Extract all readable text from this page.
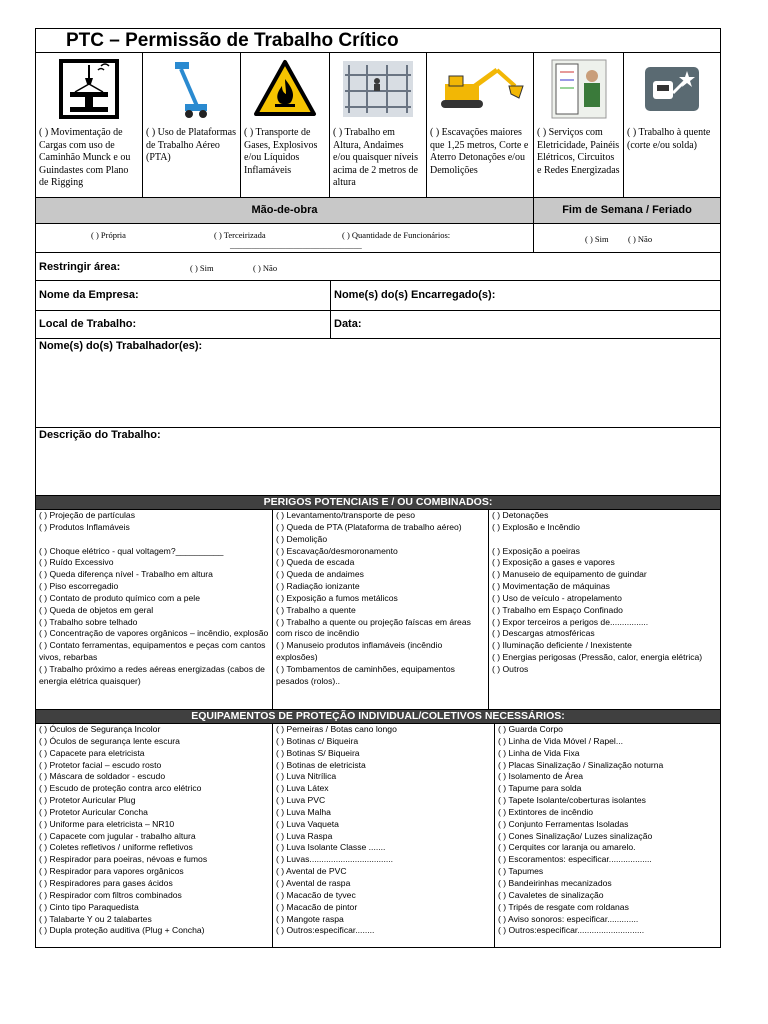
PTC – Permissão de Trabalho Crítico
( ) Movimentação de Cargas com uso de Caminhão Munck e ou Guindastes com Plano de Rigging
( ) Uso de Plataformas de Trabalho Aéreo (PTA)
( ) Transporte de Gases, Explosivos e/ou Líquidos Inflamáveis
( ) Trabalho em Altura, Andaimes e/ou quaisquer níveis acima de 2 metros de altura
( ) Escavações maiores que 1,25 metros, Corte e Aterro Detonações e/ou Demolições
( ) Serviços com Eletricidade, Painéis Elétricos, Circuitos e Redes Energizadas
( ) Trabalho à quente (corte e/ou solda)
Mão-de-obra	Fim de Semana / Feriado
( ) Própria	( ) Terceirizada
_______________________________
( ) Quantidade de Funcionários:	( ) Sim ( ) Não
Restringir área:	( ) Sim	( ) Não
Nome da Empresa:	Nome(s) do(s) Encarregado(s):
Local de Trabalho:	Data:
Nome(s) do(s) Trabalhador(es):
Descrição do Trabalho:
PERIGOS POTENCIAIS E / OU COMBINADOS:
( ) Projeção de partículas
( ) Produtos Inflamáveis

( ) Choque elétrico - qual voltagem?__________
( ) Ruído Excessivo
( ) Queda diferença nível - Trabalho em altura
( ) Piso escorregadio
( ) Contato de produto químico com a pele
( ) Queda de objetos em geral
( ) Trabalho sobre telhado
( ) Concentração de vapores orgânicos – incêndio, explosão
( ) Contato ferramentas, equipamentos e peças com cantos vivos, rebarbas
( ) Trabalho próximo a redes aéreas energizadas (cabos de energia elétrica quaisquer)
( ) Levantamento/transporte de peso
( ) Queda de PTA (Plataforma de trabalho aéreo)
( ) Demolição
( ) Escavação/desmoronamento
( ) Queda de escada
( ) Queda de andaimes
( ) Radiação ionizante
( ) Exposição a fumos metálicos
( ) Trabalho a quente
( ) Trabalho a quente ou projeção faíscas em áreas com risco de incêndio
( ) Manuseio produtos inflamáveis (incêndio explosões)
( ) Tombamentos de caminhões, equipamentos pesados (rolos)..
( ) Detonações
( ) Explosão e Incêndio

( ) Exposição a poeiras
( ) Exposição a gases e vapores
( ) Manuseio de equipamento de guindar
( ) Movimentação de máquinas
( ) Uso de veículo - atropelamento
( ) Trabalho em Espaço Confinado
( ) Expor terceiros a perigos de................
( ) Descargas atmosféricas
( ) Iluminação deficiente / Inexistente
( ) Energias perigosas (Pressão, calor, energia elétrica)
( ) Outros
EQUIPAMENTOS DE PROTEÇÃO INDIVIDUAL/COLETIVOS NECESSÁRIOS:
( ) Óculos de Segurança Incolor
( ) Óculos de segurança lente escura
( ) Capacete para eletricista
( ) Protetor facial – escudo rosto
( ) Máscara de soldador - escudo
( ) Escudo de proteção contra arco elétrico
( ) Protetor Auricular Plug
( ) Protetor Auricular Concha
( ) Uniforme para eletricista – NR10
( ) Capacete com jugular - trabalho altura
( ) Coletes refletivos / uniforme refletivos
( ) Respirador para poeiras, névoas e fumos
( ) Respirador para vapores orgânicos
( ) Respiradores para gases ácidos
( ) Respirador com filtros combinados
( ) Cinto tipo Paraquedista
( ) Talabarte Y ou 2 talabartes
( ) Dupla proteção auditiva (Plug + Concha)
( ) Perneiras / Botas cano longo
( ) Botinas c/ Biqueira
( ) Botinas S/ Biqueira
( ) Botinas de eletricista
( ) Luva Nitrílica
( ) Luva Látex
( ) Luva PVC
( ) Luva Malha
( ) Luva Vaqueta
( ) Luva Raspa
( ) Luva Isolante Classe .......
( ) Luvas...................................
( ) Avental de PVC
( ) Avental de raspa
( ) Macacão de tyvec
( ) Macacão de pintor
( ) Mangote raspa
( ) Outros:especificar........
( ) Guarda Corpo
( ) Linha de Vida Móvel / Rapel...
( ) Linha de Vida Fixa
( ) Placas Sinalização / Sinalização noturna
( ) Isolamento de Área
( ) Tapume para solda
( ) Tapete Isolante/coberturas isolantes
( ) Extintores de incêndio
( ) Conjunto Ferramentas Isoladas
( ) Cones Sinalização/ Luzes sinalização
( ) Cerquites cor laranja ou amarelo.
( ) Escoramentos: especificar..................
( ) Tapumes
( ) Bandeirinhas mecanizados
( ) Cavaletes de sinalização
( ) Tripés de resgate com roldanas
( ) Aviso sonoros: especificar.............
( ) Outros:especificar............................
